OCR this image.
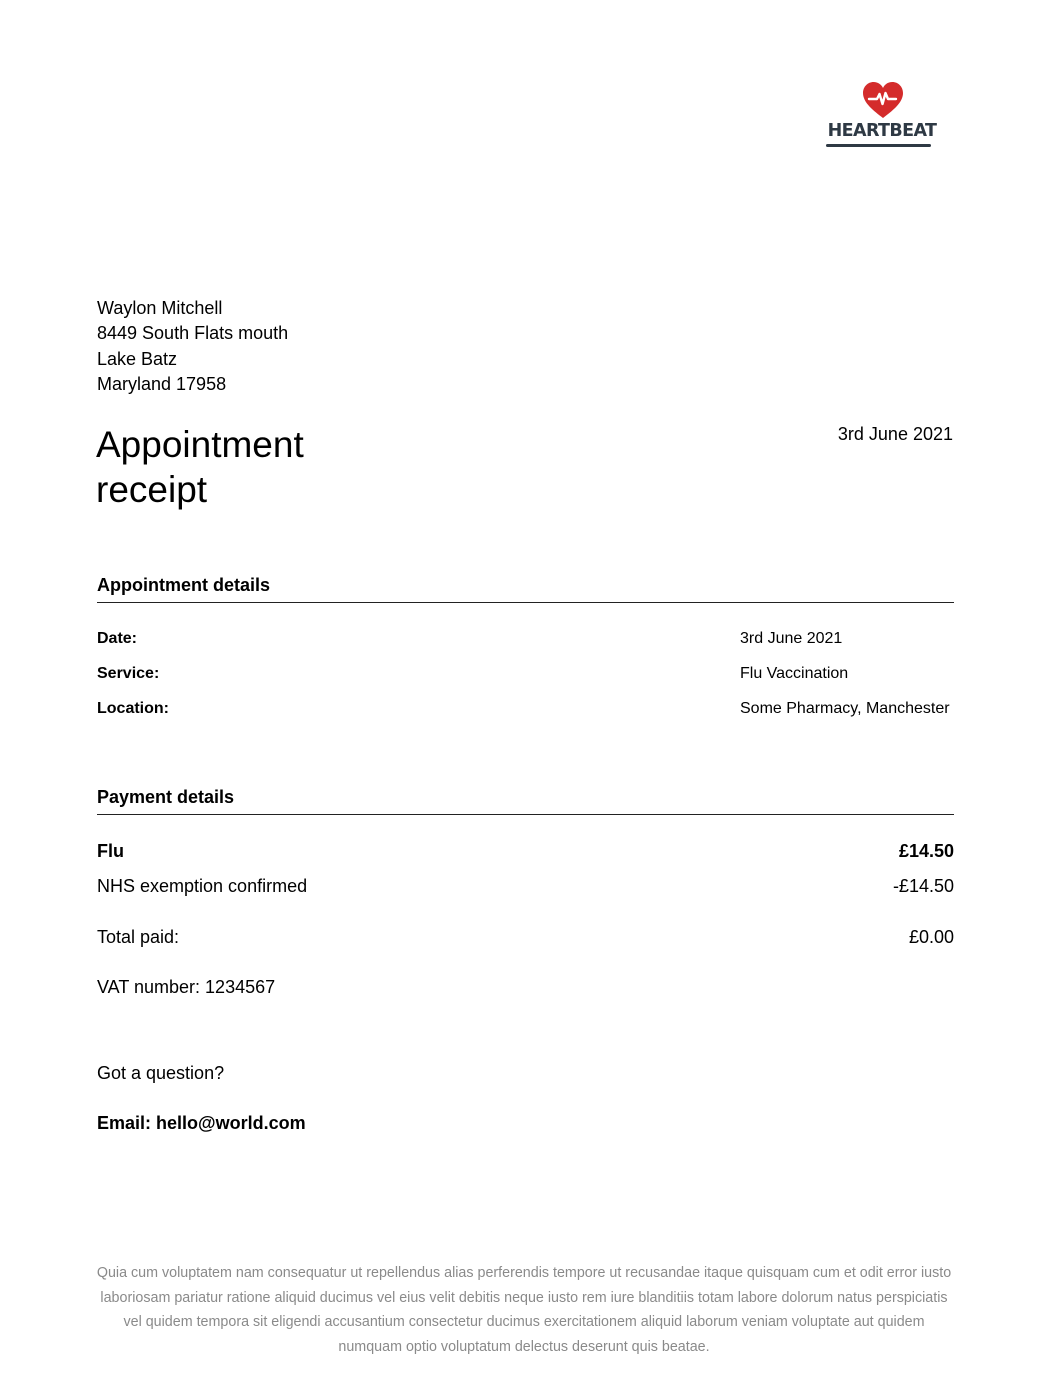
HEARTBEAT
Waylon Mitchell
8449 South Flats mouth
Lake Batz
Maryland 17958
Appointment receipt
3rd June 2021
Appointment details
Date:	3rd June 2021
Service:	Flu Vaccination
Location:	Some Pharmacy, Manchester
Payment details
Flu	£14.50
NHS exemption confirmed	-£14.50
Total paid:	£0.00
VAT number: 1234567
Got a question?
Email: hello@world.com
Quia cum voluptatem nam consequatur ut repellendus alias perferendis tempore ut recusandae itaque quisquam cum et odit error iusto laboriosam pariatur ratione aliquid ducimus vel eius velit debitis neque iusto rem iure blanditiis totam labore dolorum natus perspiciatis vel quidem tempora sit eligendi accusantium consectetur ducimus exercitationem aliquid laborum veniam voluptate aut quidem numquam optio voluptatum delectus deserunt quis beatae.
